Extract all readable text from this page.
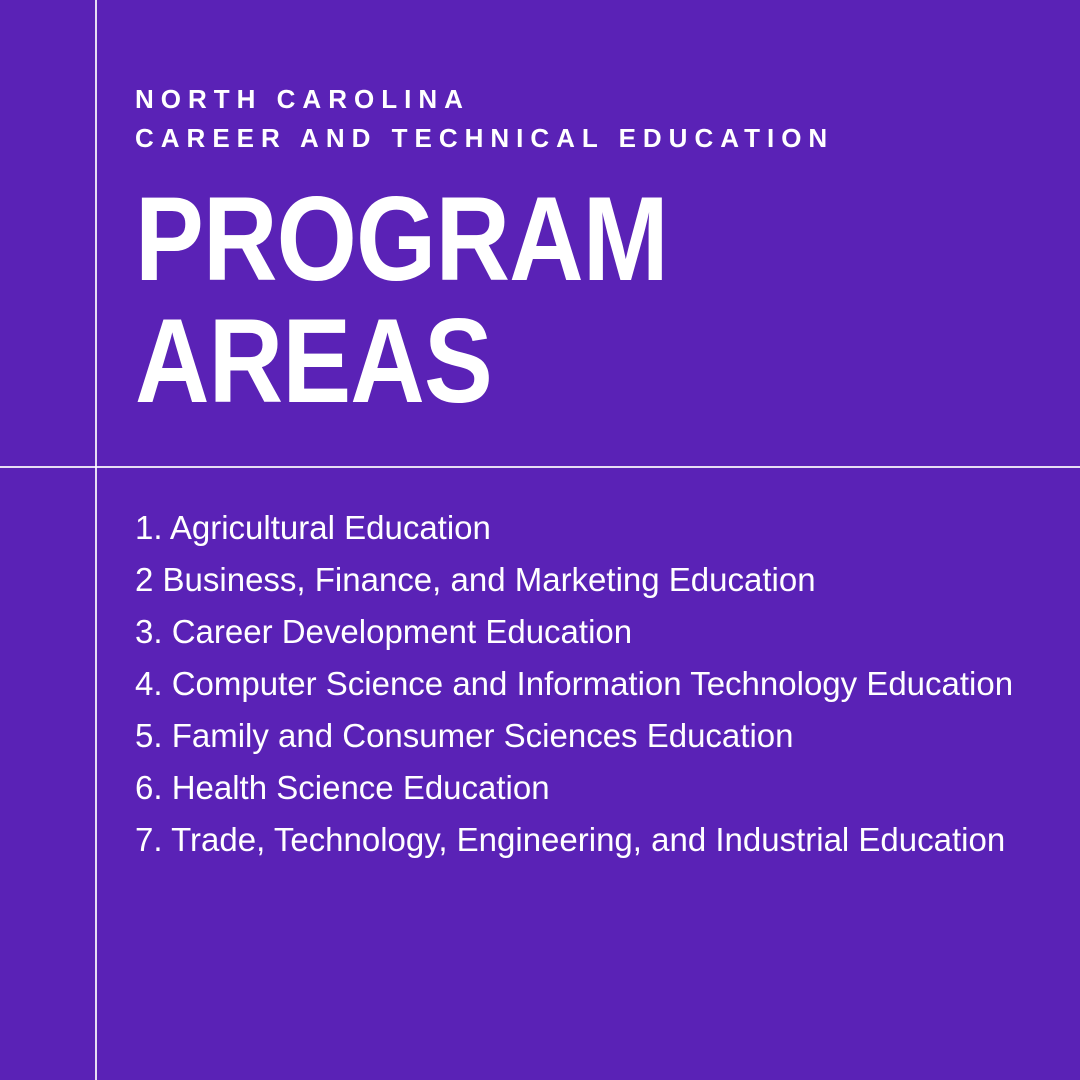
NORTH CAROLINA
CAREER AND TECHNICAL EDUCATION
PROGRAM
AREAS
1. Agricultural Education
2 Business, Finance, and Marketing Education
3. Career Development Education
4. Computer Science and Information Technology Education
5. Family and Consumer Sciences Education
6. Health Science Education
7. Trade, Technology, Engineering, and Industrial Education
